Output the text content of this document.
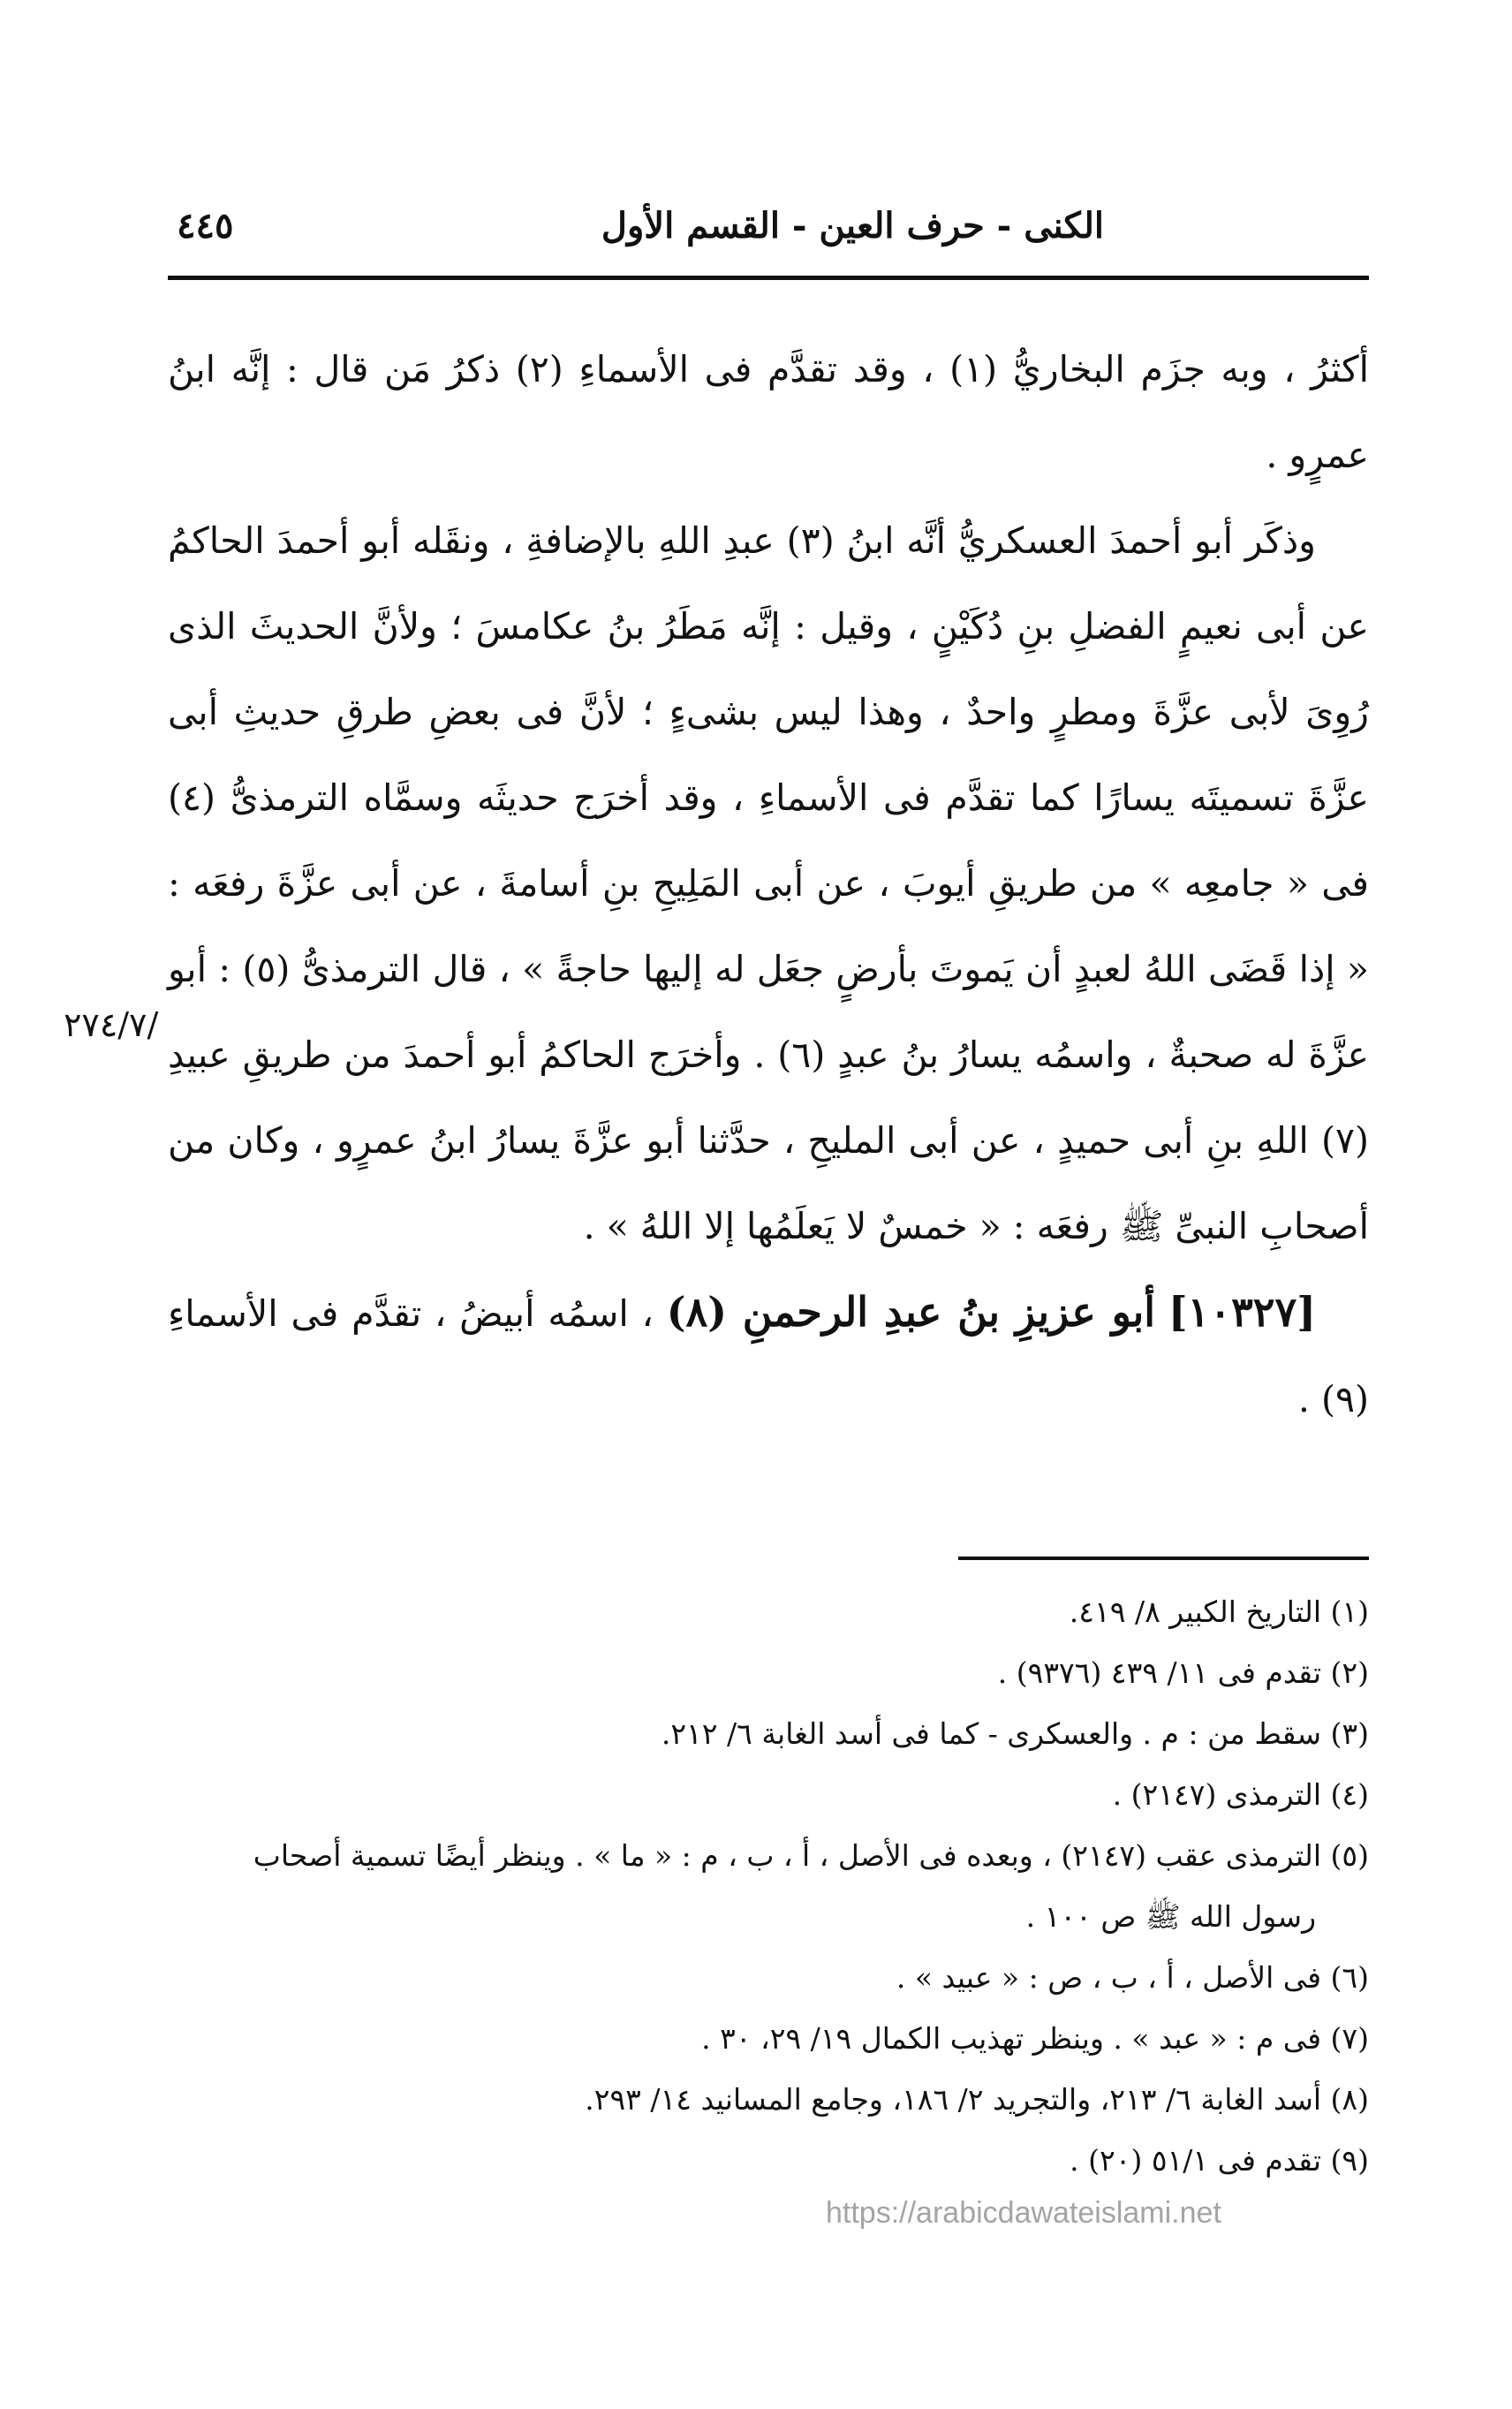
الكنى - حرف العين - القسم الأول
٤٤٥

أكثرُ ، وبه جزَم البخاريُّ (١) ، وقد تقدَّم فى الأسماءِ (٢) ذكرُ مَن قال : إنَّه ابنُ عمرٍو .

وذكَر أبو أحمدَ العسكريُّ أنَّه ابنُ (٣) عبدِ اللهِ بالإضافةِ ، ونقَله أبو أحمدَ الحاكمُ عن أبى نعيمٍ الفضلِ بنِ دُكَيْنٍ ، وقيل : إنَّه مَطَرُ بنُ عكامسَ ؛ ولأنَّ الحديثَ الذى رُوِىَ لأبى عزَّةَ ومطرٍ واحدٌ ، وهذا ليس بشىءٍ ؛ لأنَّ فى بعضِ طرقِ حديثِ أبى عزَّةَ تسميتَه يسارًا كما تقدَّم فى الأسماءِ ، وقد أخرَج حديثَه وسمَّاه الترمذىُّ (٤) فى « جامعِه » من طريقِ أيوبَ ، عن أبى المَلِيحِ بنِ أسامةَ ، عن أبى عزَّةَ رفعَه : « إذا قَضَى اللهُ لعبدٍ أن يَموتَ بأرضٍ جعَل له إليها حاجةً » ، قال الترمذىُّ (٥) : أبو عزَّةَ له صحبةٌ ، واسمُه يسارُ بنُ عبدٍ (٦) . وأخرَج الحاكمُ أبو أحمدَ من طريقِ عبيدِ (٧) اللهِ بنِ أبى حميدٍ ، عن أبى المليحِ ، حدَّثنا أبو عزَّةَ يسارُ ابنُ عمرٍو ، وكان من أصحابِ النبىِّ ﷺ رفعَه : « خمسٌ لا يَعلَمُها إلا اللهُ » .

[١٠٣٢٧] أبو عزيزِ بنُ عبدِ الرحمنِ (٨) ، اسمُه أبيضُ ، تقدَّم فى الأسماءِ (٩) .

/٢٧٤/٧

(١) التاريخ الكبير ٨/ ٤١٩.

(٢) تقدم فى ١١/ ٤٣٩ (٩٣٧٦) .

(٣) سقط من : م . والعسكرى - كما فى أسد الغابة ٦/ ٢١٢.

(٤) الترمذى (٢١٤٧) .

(٥) الترمذى عقب (٢١٤٧) ، وبعده فى الأصل ، أ ، ب ، م : « ما » . وينظر أيضًا تسمية أصحاب

رسول الله ﷺ ص ١٠٠ .

(٦) فى الأصل ، أ ، ب ، ص : « عبيد » .

(٧) فى م : « عبد » . وينظر تهذيب الكمال ١٩/ ٢٩، ٣٠ .

(٨) أسد الغابة ٦/ ٢١٣، والتجريد ٢/ ١٨٦، وجامع المسانيد ١٤/ ٢٩٣.

(٩) تقدم فى ٥١/١ (٢٠) .

https://arabicdawateislami.net
